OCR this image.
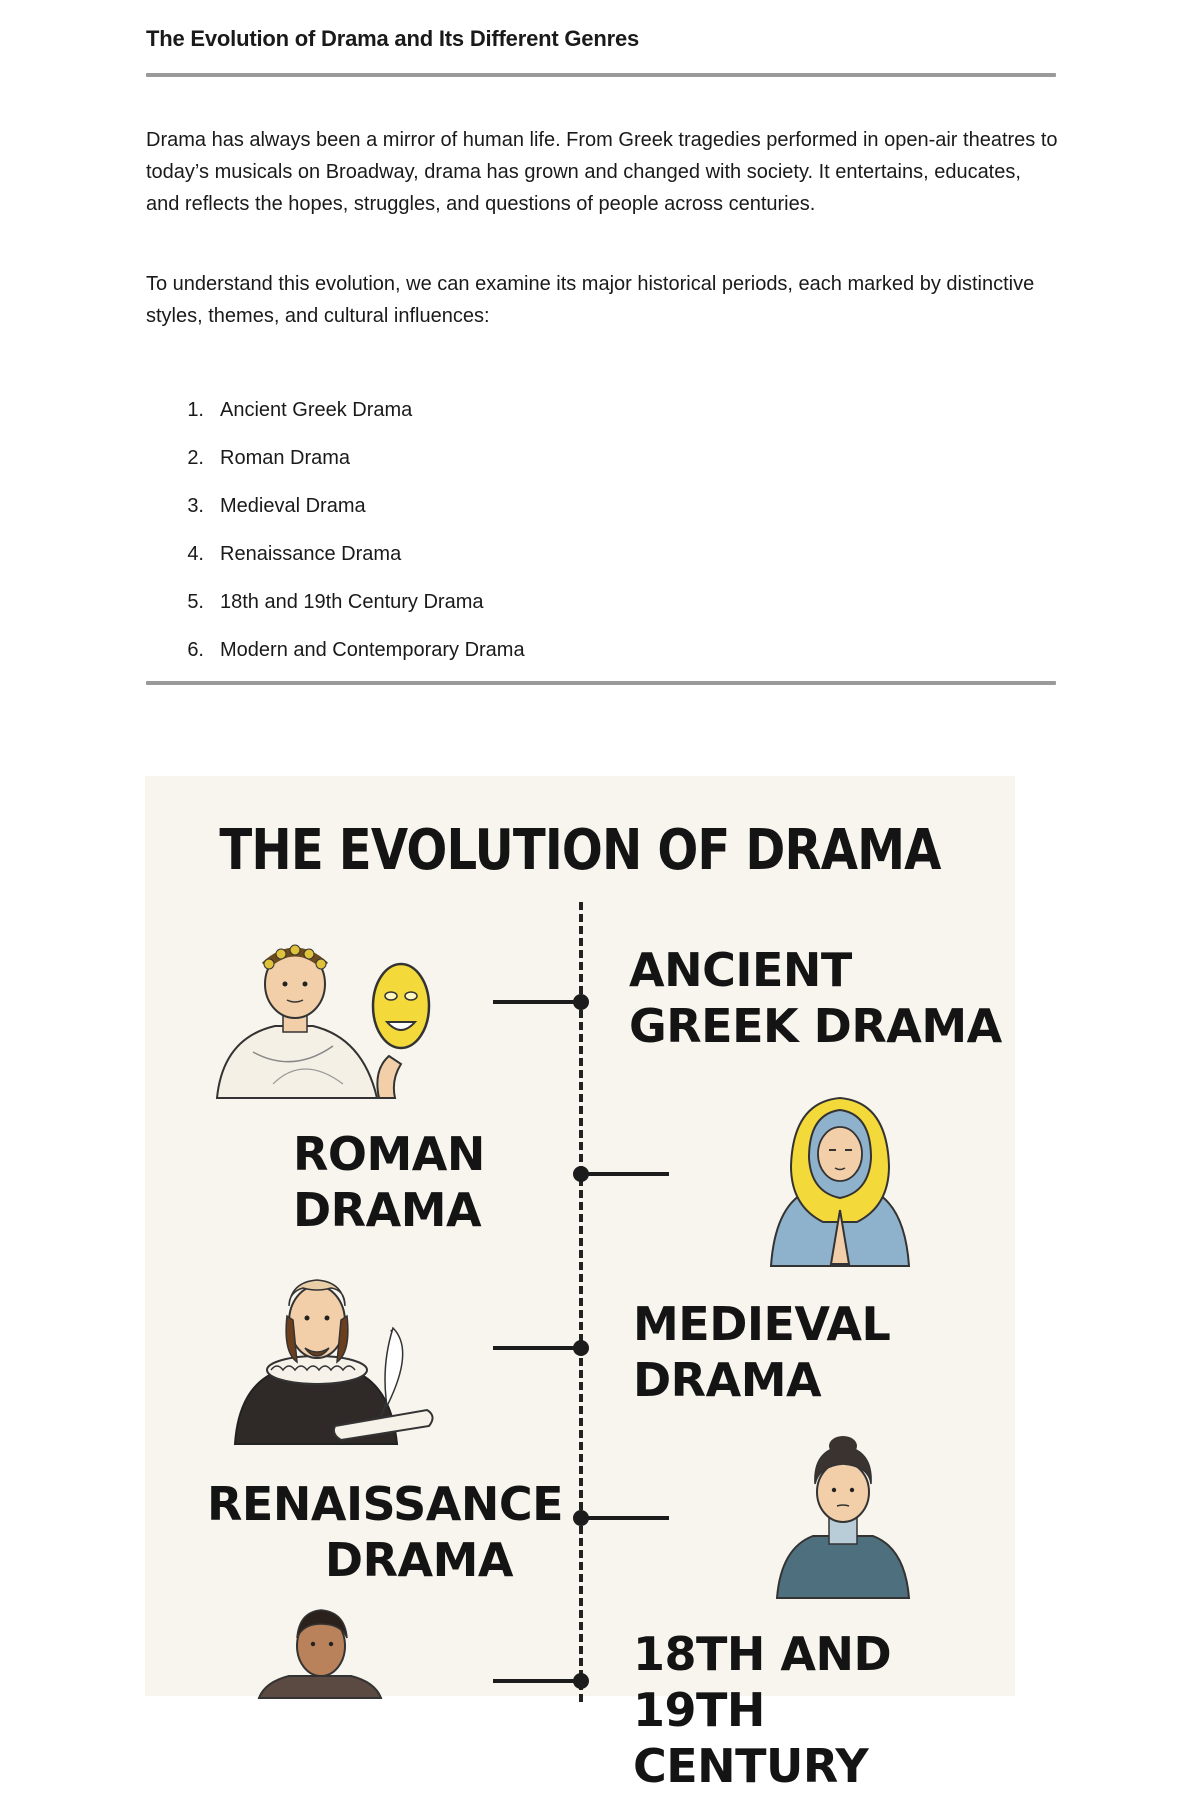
The Evolution of Drama and Its Different Genres

Drama has always been a mirror of human life. From Greek tragedies performed in open-air theatres to today’s musicals on Broadway, drama has grown and changed with society. It entertains, educates, and reflects the hopes, struggles, and questions of people across centuries.

To understand this evolution, we can examine its major historical periods, each marked by distinctive styles, themes, and cultural influences:

1. Ancient Greek Drama
2. Roman Drama
3. Medieval Drama
4. Renaissance Drama
5. 18th and 19th Century Drama
6. Modern and Contemporary Drama
THE EVOLUTION OF DRAMA
ANCIENT
GREEK DRAMA
ROMAN
DRAMA
MEDIEVAL
DRAMA
RENAISSANCE
DRAMA
18TH AND
19TH CENTURY
